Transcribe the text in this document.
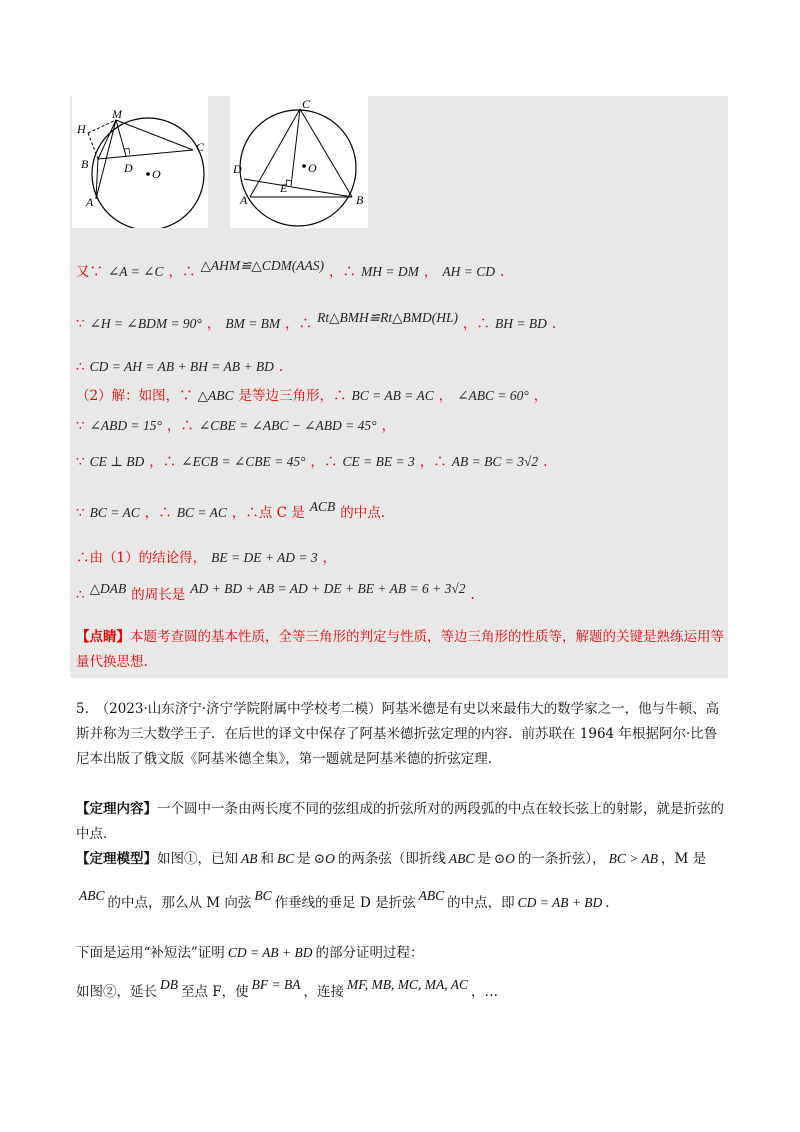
H
M
C
B	D O
A
C
D	O
E
A	B
又∵ ∠A = ∠C ，∴ △AHM≌△CDM(AAS) ，∴ MH = DM ， AH = CD .
∵ ∠H = ∠BDM = 90° ， BM = BM ，∴ Rt△BMH≌Rt△BMD(HL) ，∴ BH = BD .
∴ CD = AH = AB + BH = AB + BD .
（2）解：如图，∵ △ABC 是等边三角形，∴ BC = AB = AC ， ∠ABC = 60° ，
∵ ∠ABD = 15° ，∴ ∠CBE = ∠ABC − ∠ABD = 45° ，
∵ CE ⊥ BD ，∴ ∠ECB = ∠CBE = 45° ，∴ CE = BE = 3 ，∴ AB = BC = 3√2 .
∵ BC = AC ，∴ BC = AC ，∴点 C 是 ACB 的中点.
∴由（1）的结论得， BE = DE + AD = 3 ，
∴ △DAB 的周长是 AD + BD + AB = AD + DE + BE + AB = 6 + 3√2 .
【点睛】本题考查圆的基本性质，全等三角形的判定与性质，等边三角形的性质等，解题的关键是熟练运用等量代换思想.
5.　（2023·山东济宁·济宁学院附属中学校考二模）阿基米德是有史以来最伟大的数学家之一，他与牛顿、高斯并称为三大数学王子．在后世的译文中保存了阿基米德折弦定理的内容．前苏联在 1964 年根据阿尔·比鲁尼本出版了俄文版《阿基米德全集》，第一题就是阿基米德的折弦定理．
【定理内容】一个圆中一条由两长度不同的弦组成的折弦所对的两段弧的中点在较长弦上的射影，就是折弦的中点．
【定理模型】如图①，已知 AB 和 BC 是 ⊙O 的两条弦（即折线 ABC 是 ⊙O 的一条折弦）， BC > AB ，M 是
ABC 的中点，那么从 M 向弦 BC 作垂线的垂足 D 是折弦 ABC 的中点，即 CD = AB + BD .
下面是运用“补短法”证明 CD = AB + BD 的部分证明过程：
如图②，延长 DB 至点 F，使 BF = BA ，连接 MF, MB, MC, MA, AC ，…
